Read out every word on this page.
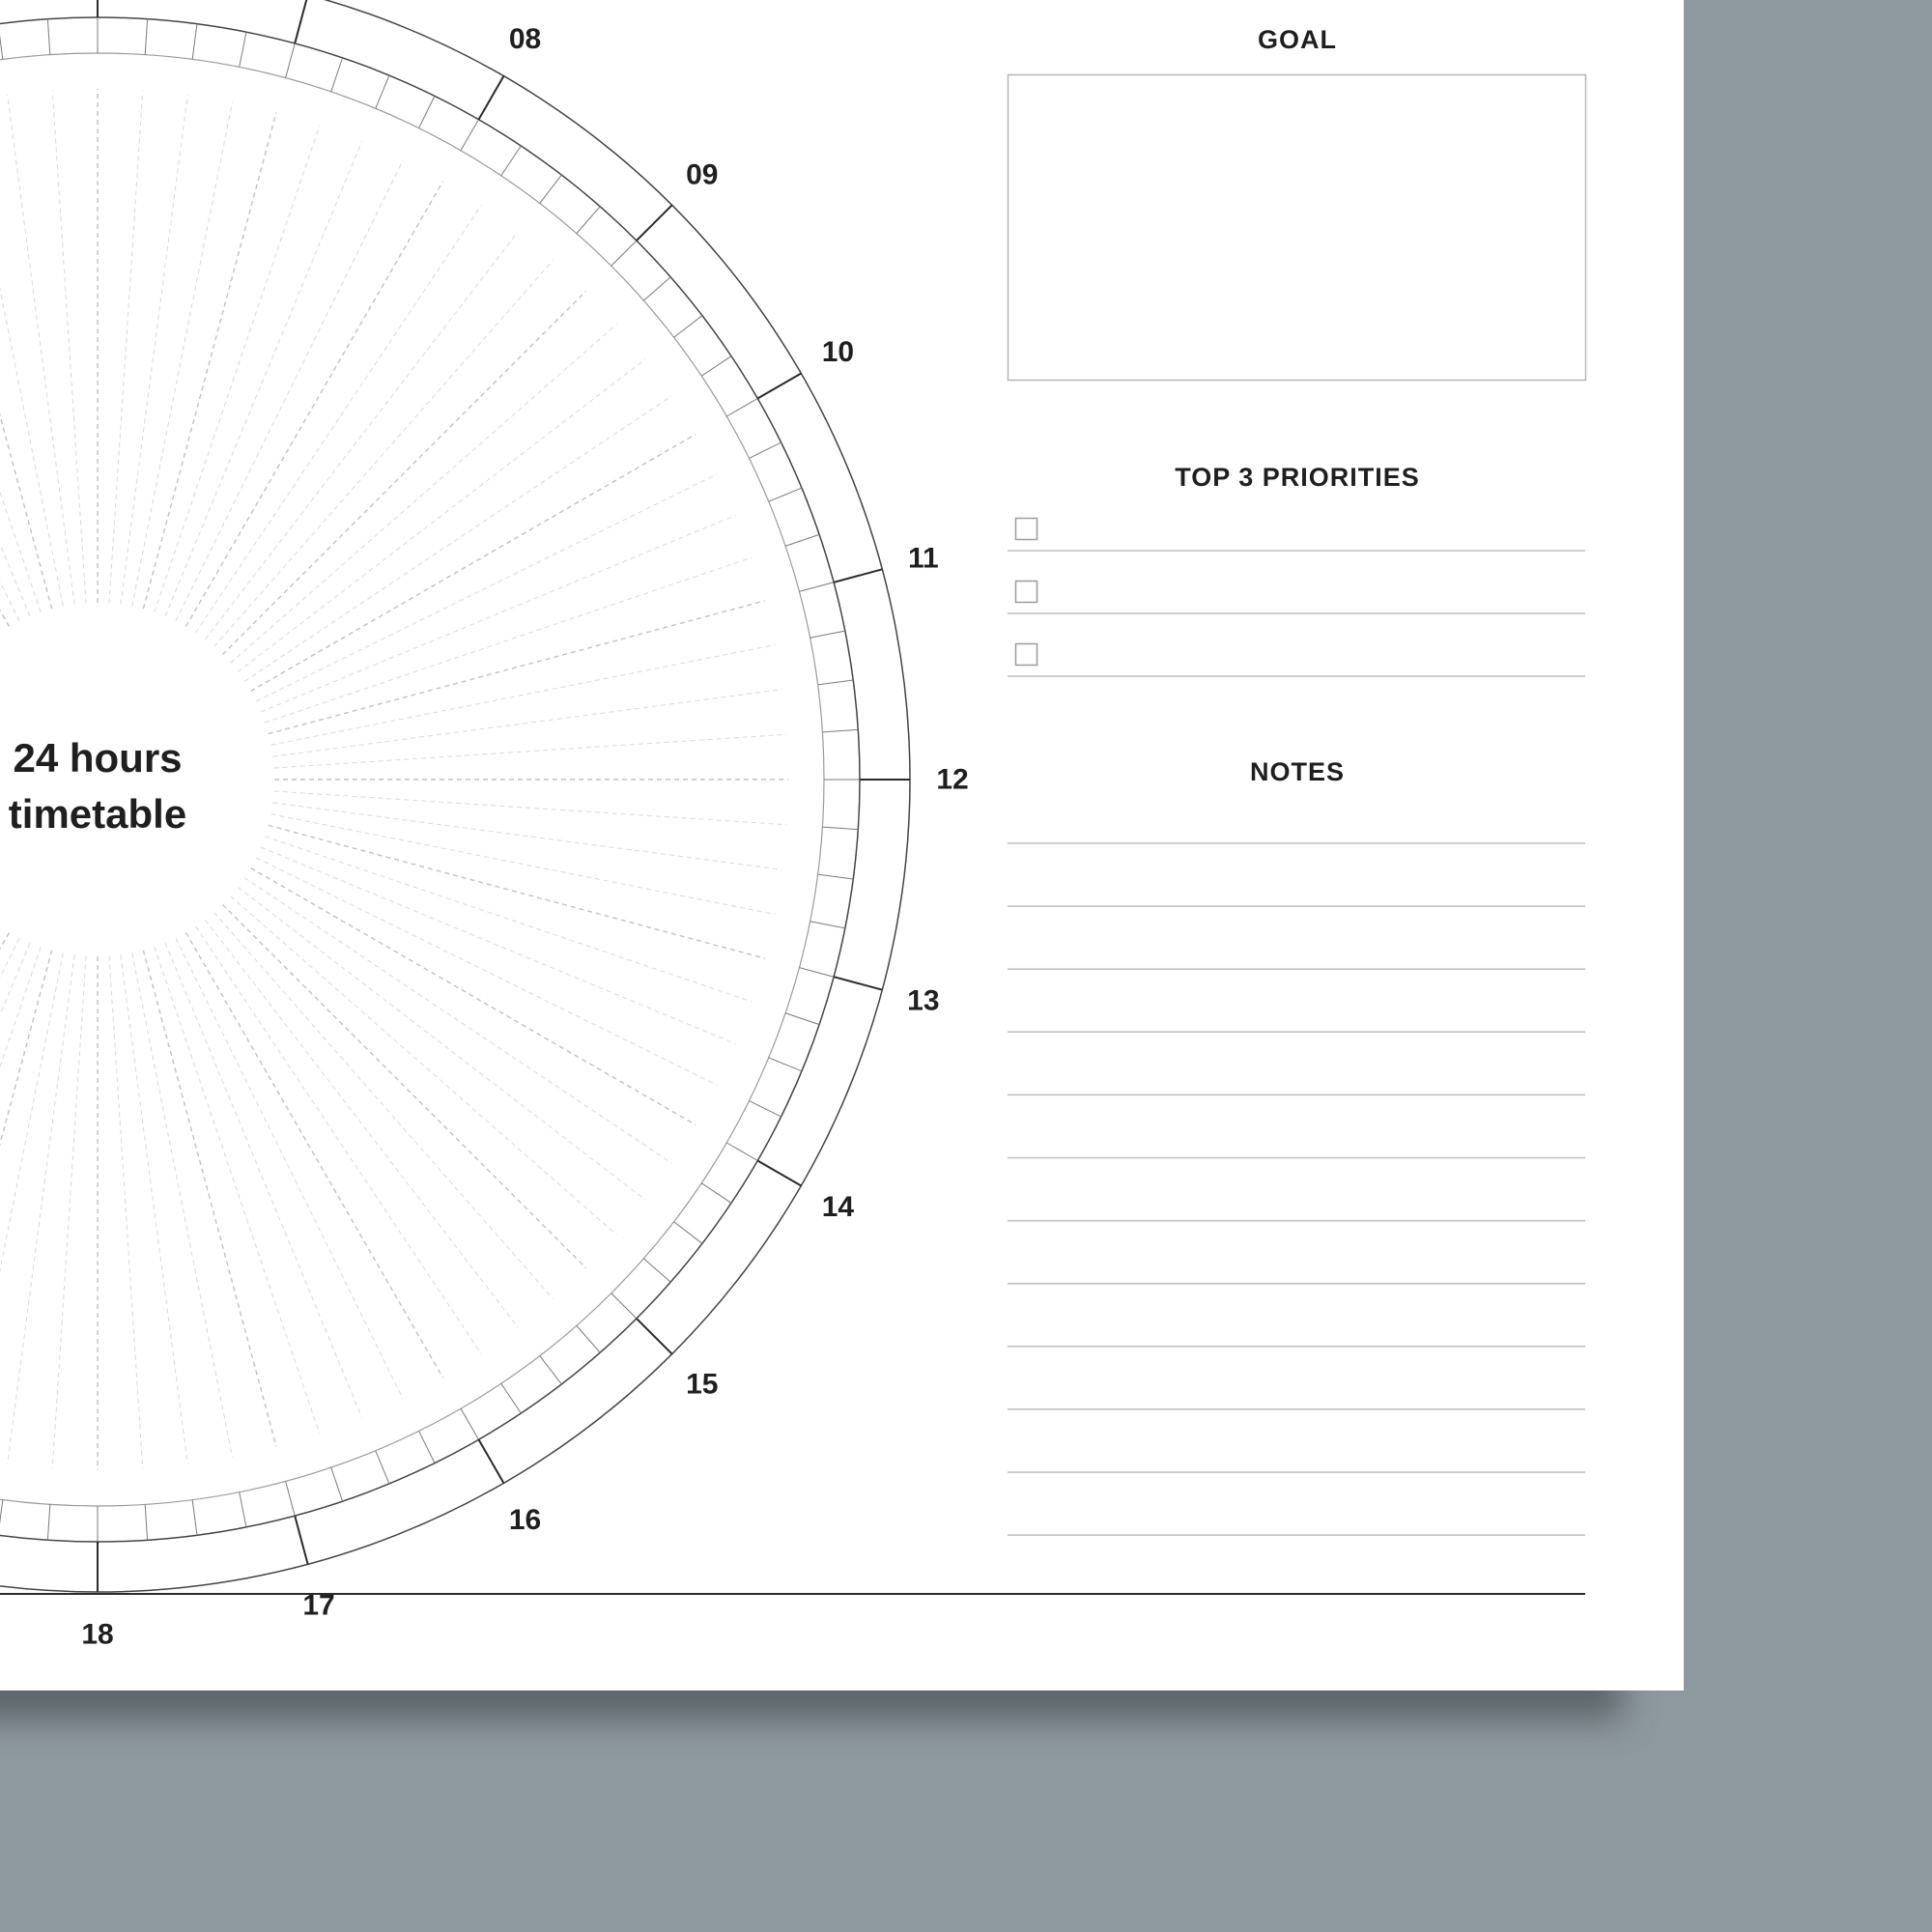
08
09
10
11
12
13
14
15
16
17
18
24 hours
timetable
GOAL
TOP 3 PRIORITIES
NOTES
